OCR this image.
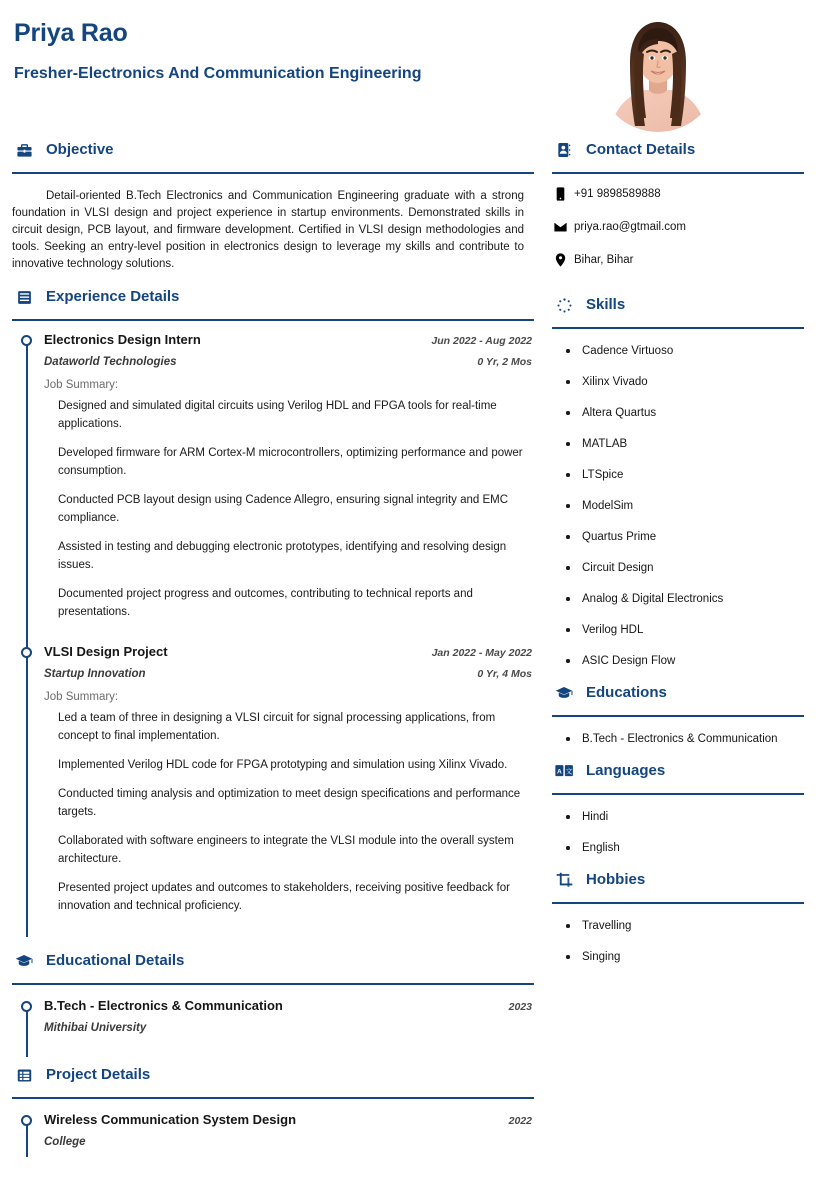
Priya Rao
Fresher-Electronics And Communication Engineering
Objective

Detail-oriented B.Tech Electronics and Communication Engineering graduate with a strong foundation in VLSI design and project experience in startup environments. Demonstrated skills in circuit design, PCB layout, and firmware development. Certified in VLSI design methodologies and tools. Seeking an entry-level position in electronics design to leverage my skills and contribute to innovative technology solutions.

Experience Details
Electronics Design Intern	Jun 2022 - Aug 2022
Dataworld Technologies	0 Yr, 2 Mos
Job Summary:
Designed and simulated digital circuits using Verilog HDL and FPGA tools for real-time applications.
Developed firmware for ARM Cortex-M microcontrollers, optimizing performance and power consumption.
Conducted PCB layout design using Cadence Allegro, ensuring signal integrity and EMC compliance.
Assisted in testing and debugging electronic prototypes, identifying and resolving design issues.
Documented project progress and outcomes, contributing to technical reports and presentations.
VLSI Design Project	Jan 2022 - May 2022
Startup Innovation	0 Yr, 4 Mos
Job Summary:
Led a team of three in designing a VLSI circuit for signal processing applications, from concept to final implementation.
Implemented Verilog HDL code for FPGA prototyping and simulation using Xilinx Vivado.
Conducted timing analysis and optimization to meet design specifications and performance targets.
Collaborated with software engineers to integrate the VLSI module into the overall system architecture.
Presented project updates and outcomes to stakeholders, receiving positive feedback for innovation and technical proficiency.
Educational Details
B.Tech - Electronics & Communication	2023
Mithibai University
Project Details
Wireless Communication System Design	2022
College
Contact Details
+91 9898589888
priya.rao@gtmail.com
Bihar, Bihar
Skills
Cadence Virtuoso
Xilinx Vivado
Altera Quartus
MATLAB
LTSpice
ModelSim
Quartus Prime
Circuit Design
Analog & Digital Electronics
Verilog HDL
ASIC Design Flow
Educations
B.Tech - Electronics & Communication
A 文 Languages
Hindi
English
Hobbies
Travelling
Singing
